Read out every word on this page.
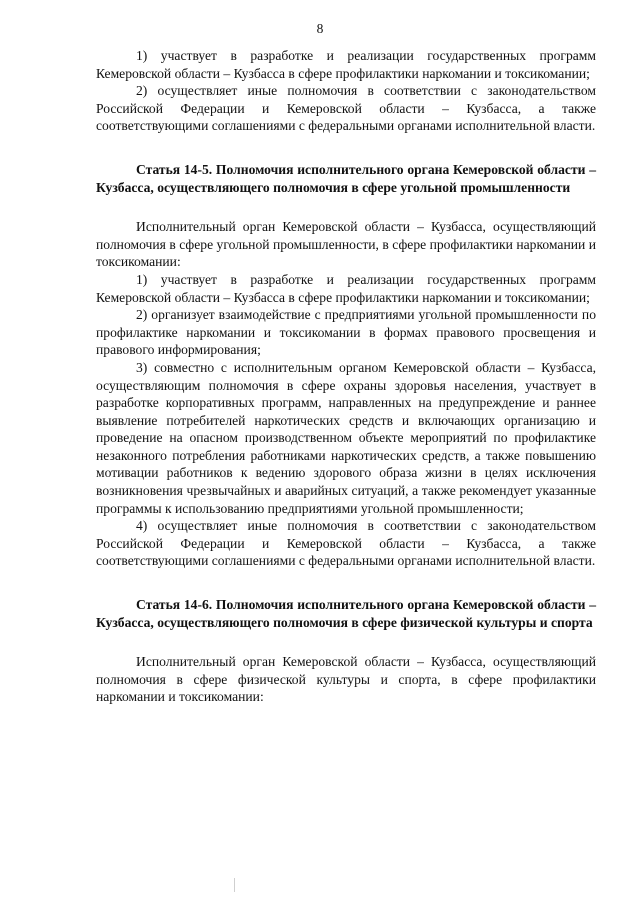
8

1) участвует в разработке и реализации государственных программ Кемеровской области – Кузбасса в сфере профилактики наркомании и токсикомании;

2) осуществляет иные полномочия в соответствии с законодательством Российской Федерации и Кемеровской области – Кузбасса, а также соответствующими соглашениями с федеральными органами исполнительной власти.

Статья 14-5. Полномочия исполнительного органа Кемеровской области – Кузбасса, осуществляющего полномочия в сфере угольной промышленности

Исполнительный орган Кемеровской области – Кузбасса, осуществляющий полномочия в сфере угольной промышленности, в сфере профилактики наркомании и токсикомании:

1) участвует в разработке и реализации государственных программ Кемеровской области – Кузбасса в сфере профилактики наркомании и токсикомании;

2) организует взаимодействие с предприятиями угольной промышленности по профилактике наркомании и токсикомании в формах правового просвещения и правового информирования;

3) совместно с исполнительным органом Кемеровской области – Кузбасса, осуществляющим полномочия в сфере охраны здоровья населения, участвует в разработке корпоративных программ, направленных на предупреждение и раннее выявление потребителей наркотических средств и включающих организацию и проведение на опасном производственном объекте мероприятий по профилактике незаконного потребления работниками наркотических средств, а также повышению мотивации работников к ведению здорового образа жизни в целях исключения возникновения чрезвычайных и аварийных ситуаций, а также рекомендует указанные программы к использованию предприятиями угольной промышленности;

4) осуществляет иные полномочия в соответствии с законодательством Российской Федерации и Кемеровской области – Кузбасса, а также соответствующими соглашениями с федеральными органами исполнительной власти.

Статья 14-6. Полномочия исполнительного органа Кемеровской области – Кузбасса, осуществляющего полномочия в сфере физической культуры и спорта

Исполнительный орган Кемеровской области – Кузбасса, осуществляющий полномочия в сфере физической культуры и спорта, в сфере профилактики наркомании и токсикомании:
